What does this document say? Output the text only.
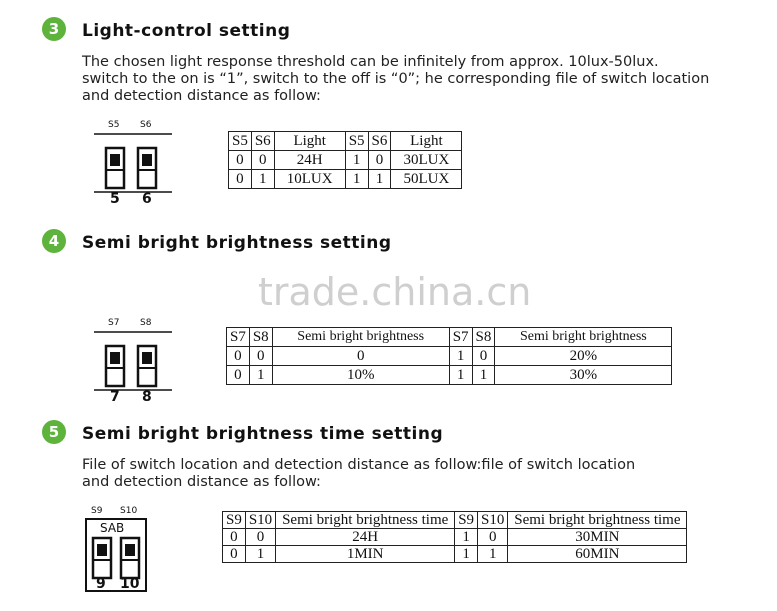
trade.china.cn
3	Light-control setting
The chosen light response threshold can be infinitely from approx. 10lux-50lux.
switch to the on is “1”, switch to the off is “0”; he corresponding file of switch location
and detection distance as follow:
S5 S6
5 6
S5	S6	Light	S5	S6	Light
0	0	24H	1	0	30LUX
0	1	10LUX	1	1	50LUX
4	Semi bright brightness setting
S7 S8
7 8
S7	S8	Semi bright brightness	S7	S8	Semi bright brightness
0	0	0	1	0	20%
0	1	10%	1	1	30%
5	Semi bright brightness time setting
File of switch location and detection distance as follow:file of switch location
and detection distance as follow:
S9 S10
SAB
9 10
S9	S10	Semi bright brightness time	S9	S10	Semi bright brightness time
0	0	24H	1	0	30MIN
0	1	1MIN	1	1	60MIN
